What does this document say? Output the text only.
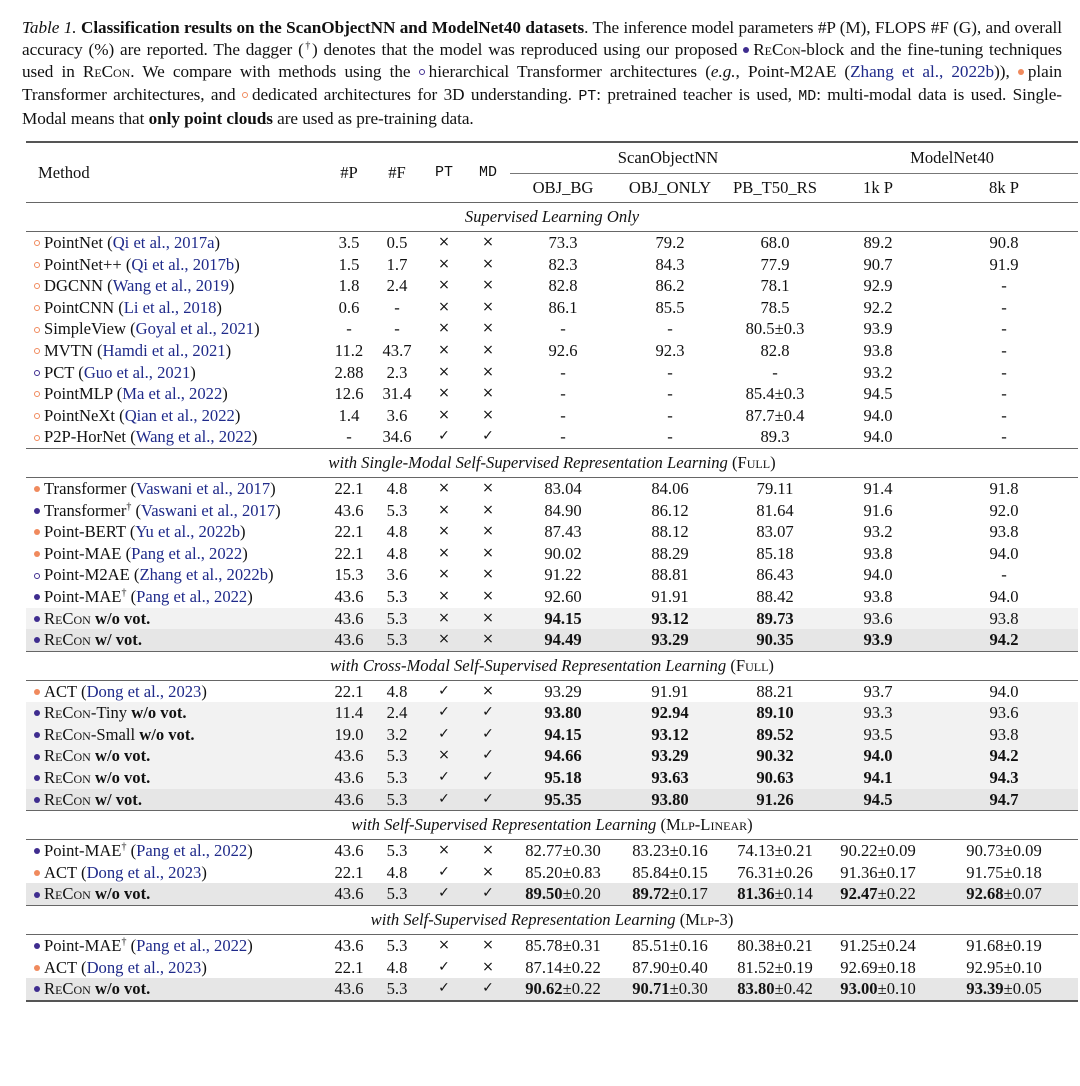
Table 1. Classification results on the ScanObjectNN and ModelNet40 datasets. The inference model parameters #P (M), FLOPS #F (G), and overall accuracy (%) are reported. The dagger (†) denotes that the model was reproduced using our proposed ReCon-block and the fine-tuning techniques used in ReCon. We compare with methods using the hierarchical Transformer architectures (e.g., Point-M2AE (Zhang et al., 2022b)), plain Transformer architectures, and dedicated architectures for 3D understanding. PT: pretrained teacher is used, MD: multi-modal data is used. Single-Modal means that only point clouds are used as pre-training data.
Method	#P	#F	PT	MD	ScanObjectNN			ModelNet40	
					OBJ_BG	OBJ_ONLY	PB_T50_RS	1k P	8k P
Supervised Learning Only									
PointNet (Qi et al., 2017a)	3.5	0.5	×	×	73.3	79.2	68.0	89.2	90.8
PointNet++ (Qi et al., 2017b)	1.5	1.7	×	×	82.3	84.3	77.9	90.7	91.9
DGCNN (Wang et al., 2019)	1.8	2.4	×	×	82.8	86.2	78.1	92.9	-
PointCNN (Li et al., 2018)	0.6	-	×	×	86.1	85.5	78.5	92.2	-
SimpleView (Goyal et al., 2021)	-	-	×	×	-	-	80.5±0.3	93.9	-
MVTN (Hamdi et al., 2021)	11.2	43.7	×	×	92.6	92.3	82.8	93.8	-
PCT (Guo et al., 2021)	2.88	2.3	×	×	-	-	-	93.2	-
PointMLP (Ma et al., 2022)	12.6	31.4	×	×	-	-	85.4±0.3	94.5	-
PointNeXt (Qian et al., 2022)	1.4	3.6	×	×	-	-	87.7±0.4	94.0	-
P2P-HorNet (Wang et al., 2022)	-	34.6	✓	✓	-	-	89.3	94.0	-
with Single-Modal Self-Supervised Representation Learning (Full)									
Transformer (Vaswani et al., 2017)	22.1	4.8	×	×	83.04	84.06	79.11	91.4	91.8
Transformer† (Vaswani et al., 2017)	43.6	5.3	×	×	84.90	86.12	81.64	91.6	92.0
Point-BERT (Yu et al., 2022b)	22.1	4.8	×	×	87.43	88.12	83.07	93.2	93.8
Point-MAE (Pang et al., 2022)	22.1	4.8	×	×	90.02	88.29	85.18	93.8	94.0
Point-M2AE (Zhang et al., 2022b)	15.3	3.6	×	×	91.22	88.81	86.43	94.0	-
Point-MAE† (Pang et al., 2022)	43.6	5.3	×	×	92.60	91.91	88.42	93.8	94.0
ReCon w/o vot.	43.6	5.3	×	×	94.15	93.12	89.73	93.6	93.8
ReCon w/ vot.	43.6	5.3	×	×	94.49	93.29	90.35	93.9	94.2
with Cross-Modal Self-Supervised Representation Learning (Full)									
ACT (Dong et al., 2023)	22.1	4.8	✓	×	93.29	91.91	88.21	93.7	94.0
ReCon-Tiny w/o vot.	11.4	2.4	✓	✓	93.80	92.94	89.10	93.3	93.6
ReCon-Small w/o vot.	19.0	3.2	✓	✓	94.15	93.12	89.52	93.5	93.8
ReCon w/o vot.	43.6	5.3	×	✓	94.66	93.29	90.32	94.0	94.2
ReCon w/o vot.	43.6	5.3	✓	✓	95.18	93.63	90.63	94.1	94.3
ReCon w/ vot.	43.6	5.3	✓	✓	95.35	93.80	91.26	94.5	94.7
with Self-Supervised Representation Learning (Mlp-Linear)									
Point-MAE† (Pang et al., 2022)	43.6	5.3	×	×	82.77±0.30	83.23±0.16	74.13±0.21	90.22±0.09	90.73±0.09
ACT (Dong et al., 2023)	22.1	4.8	✓	×	85.20±0.83	85.84±0.15	76.31±0.26	91.36±0.17	91.75±0.18
ReCon w/o vot.	43.6	5.3	✓	✓	89.50±0.20	89.72±0.17	81.36±0.14	92.47±0.22	92.68±0.07
with Self-Supervised Representation Learning (Mlp-3)									
Point-MAE† (Pang et al., 2022)	43.6	5.3	×	×	85.78±0.31	85.51±0.16	80.38±0.21	91.25±0.24	91.68±0.19
ACT (Dong et al., 2023)	22.1	4.8	✓	×	87.14±0.22	87.90±0.40	81.52±0.19	92.69±0.18	92.95±0.10
ReCon w/o vot.	43.6	5.3	✓	✓	90.62±0.22	90.71±0.30	83.80±0.42	93.00±0.10	93.39±0.05
